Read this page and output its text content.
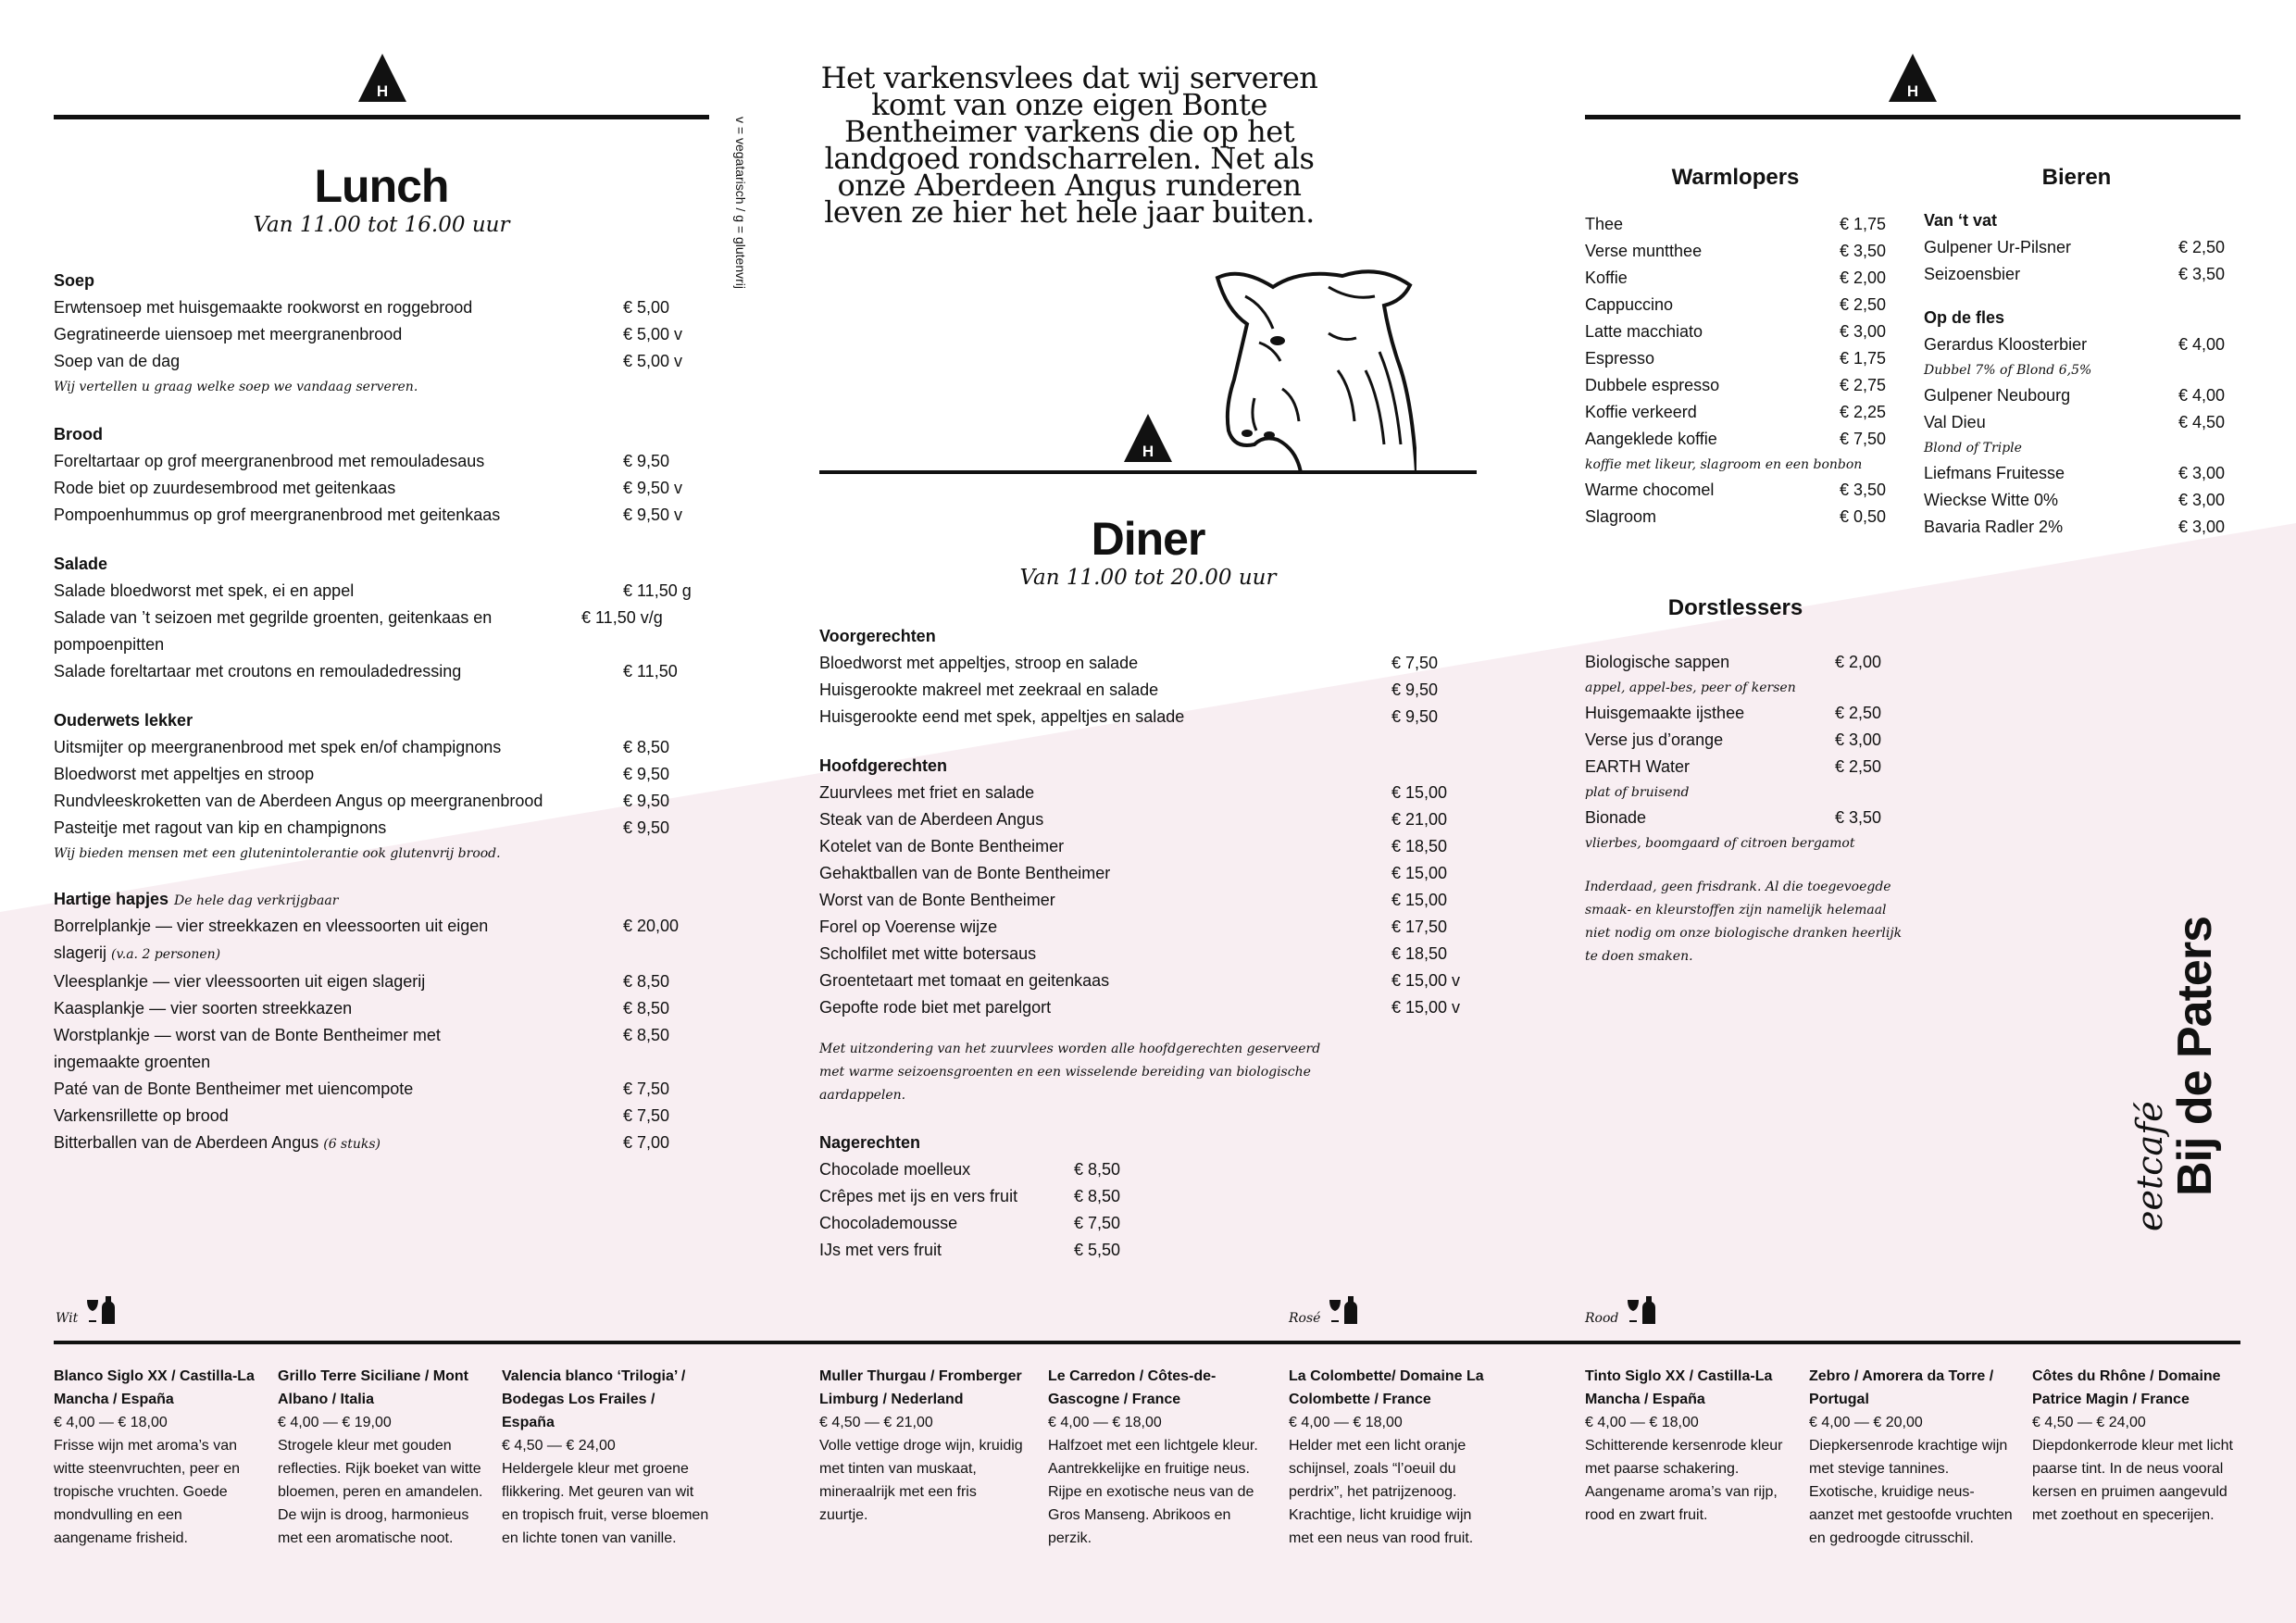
H
Lunch
Van 11.00 tot 16.00 uur	v = vegatarisch / g = glutenvrij
Soep
Erwtensoep met huisgemaakte rookworst en roggebrood	€ 5,00
Gegratineerde uiensoep met meergranenbrood	€ 5,00 v
Soep van de dag	€ 5,00 v
Wij vertellen u graag welke soep we vandaag serveren.
Brood
Foreltartaar op grof meergranenbrood met remouladesaus	€ 9,50
Rode biet op zuurdesembrood met geitenkaas	€ 9,50 v
Pompoenhummus op grof meergranenbrood met geitenkaas	€ 9,50 v
Salade
Salade bloedworst met spek, ei en appel	€ 11,50 g
Salade van ’t seizoen met gegrilde groenten, geitenkaas en pompoenpitten
€ 11,50 v/g
Salade foreltartaar met croutons en remouladedressing	€ 11,50
Ouderwets lekker
Uitsmijter op meergranenbrood met spek en/of champignons	€ 8,50
Bloedworst met appeltjes en stroop	€ 9,50
Rundvleeskroketten van de Aberdeen Angus op meergranenbrood	€ 9,50
Pasteitje met ragout van kip en champignons	€ 9,50
Wij bieden mensen met een glutenintolerantie ook glutenvrij brood.
Hartige hapjes De hele dag verkrijgbaar
Borrelplankje — vier streekkazen en vleessoorten uit eigen slagerij (v.a. 2 personen)
€ 20,00
Vleesplankje — vier vleessoorten uit eigen slagerij	€ 8,50
Kaasplankje — vier soorten streekkazen	€ 8,50
Worstplankje — worst van de Bonte Bentheimer met ingemaakte groenten
€ 8,50
Paté van de Bonte Bentheimer met uiencompote	€ 7,50
Varkensrillette op brood	€ 7,50
Bitterballen van de Aberdeen Angus (6 stuks)	€ 7,00
Het varkensvlees dat wij serveren komt van onze eigen Bonte Bentheimer varkens die op het landgoed rondscharrelen. Net als onze Aberdeen Angus runderen leven ze hier het hele jaar buiten.
H
Diner
Van 11.00 tot 20.00 uur
Voorgerechten
Bloedworst met appeltjes, stroop en salade	€ 7,50
Huisgerookte makreel met zeekraal en salade	€ 9,50
Huisgerookte eend met spek, appeltjes en salade	€ 9,50
Hoofdgerechten
Zuurvlees met friet en salade	€ 15,00
Steak van de Aberdeen Angus	€ 21,00
Kotelet van de Bonte Bentheimer	€ 18,50
Gehaktballen van de Bonte Bentheimer	€ 15,00
Worst van de Bonte Bentheimer	€ 15,00
Forel op Voerense wijze	€ 17,50
Scholfilet met witte botersaus	€ 18,50
Groentetaart met tomaat en geitenkaas	€ 15,00 v
Gepofte rode biet met parelgort	€ 15,00 v
Met uitzondering van het zuurvlees worden alle hoofdgerechten geserveerd met warme seizoensgroenten en een wisselende bereiding van biologische aardappelen.
Nagerechten
Chocolade moelleux	€ 8,50
Crêpes met ijs en vers fruit	€ 8,50
Chocolademousse	€ 7,50
IJs met vers fruit	€ 5,50
H
Warmlopers
Thee	€ 1,75
Verse muntthee	€ 3,50
Koffie	€ 2,00
Cappuccino	€ 2,50
Latte macchiato	€ 3,00
Espresso	€ 1,75
Dubbele espresso	€ 2,75
Koffie verkeerd	€ 2,25
Aangeklede koffie	€ 7,50
koffie met likeur, slagroom en een bonbon
Warme chocomel	€ 3,50
Slagroom	€ 0,50
Bieren
Van ‘t vat
Gulpener Ur-Pilsner	€ 2,50
Seizoensbier	€ 3,50
Op de fles
Gerardus Kloosterbier	€ 4,00
Dubbel 7% of Blond 6,5%
Gulpener Neubourg	€ 4,00
Val Dieu	€ 4,50
Blond of Triple
Liefmans Fruitesse	€ 3,00
Wieckse Witte 0%	€ 3,00
Bavaria Radler 2%	€ 3,00
Dorstlessers
Biologische sappen	€ 2,00
appel, appel-bes, peer of kersen
Huisgemaakte ijsthee	€ 2,50
Verse jus d’orange	€ 3,00
EARTH Water	€ 2,50
plat of bruisend
Bionade	€ 3,50
vlierbes, boomgaard of citroen bergamot
Inderdaad, geen frisdrank. Al die toegevoegde smaak- en kleurstoffen zijn namelijk helemaal niet nodig om onze biologische dranken heerlijk te doen smaken.
eetcafé
Bij de Paters
Wit	Rosé	Rood
Blanco Siglo XX / Castilla-La Mancha / España
€ 4,00 — € 18,00
Frisse wijn met aroma’s van witte steenvruchten, peer en tropische vruchten. Goede mondvulling en een aangename frisheid.
Grillo Terre Siciliane / Mont Albano / Italia
€ 4,00 — € 19,00
Strogele kleur met gouden reflecties. Rijk boeket van witte bloemen, peren en amandelen. De wijn is droog, harmonieus met een aromatische noot.
Valencia blanco ‘Trilogia’ / Bodegas Los Frailes / España
€ 4,50 — € 24,00
Heldergele kleur met groene flikkering. Met geuren van wit en tropisch fruit, verse bloemen en lichte tonen van vanille.
Muller Thurgau / Fromberger Limburg / Nederland
€ 4,50 — € 21,00
Volle vettige droge wijn, kruidig met tinten van muskaat, mineraalrijk met een fris zuurtje.
Le Carredon / Côtes-de-Gascogne / France
€ 4,00 — € 18,00
Halfzoet met een lichtgele kleur. Aantrekkelijke en fruitige neus. Rijpe en exotische neus van de Gros Manseng. Abrikoos en perzik.
La Colombette/ Domaine La Colombette / France
€ 4,00 — € 18,00
Helder met een licht oranje schijnsel, zoals “l’oeuil du perdrix”, het patrijzenoog. Krachtige, licht kruidige wijn met een neus van rood fruit.
Tinto Siglo XX / Castilla-La Mancha / España
€ 4,00 — € 18,00
Schitterende kersenrode kleur met paarse schakering. Aangename aroma’s van rijp, rood en zwart fruit.
Zebro / Amorera da Torre / Portugal
€ 4,00 — € 20,00
Diepkersenrode krachtige wijn met stevige tannines. Exotische, kruidige neus-aanzet met gestoofde vruchten en gedroogde citrusschil.
Côtes du Rhône / Domaine Patrice Magin / France
€ 4,50 — € 24,00
Diepdonkerrode kleur met licht paarse tint. In de neus vooral kersen en pruimen aangevuld met zoethout en specerijen.
